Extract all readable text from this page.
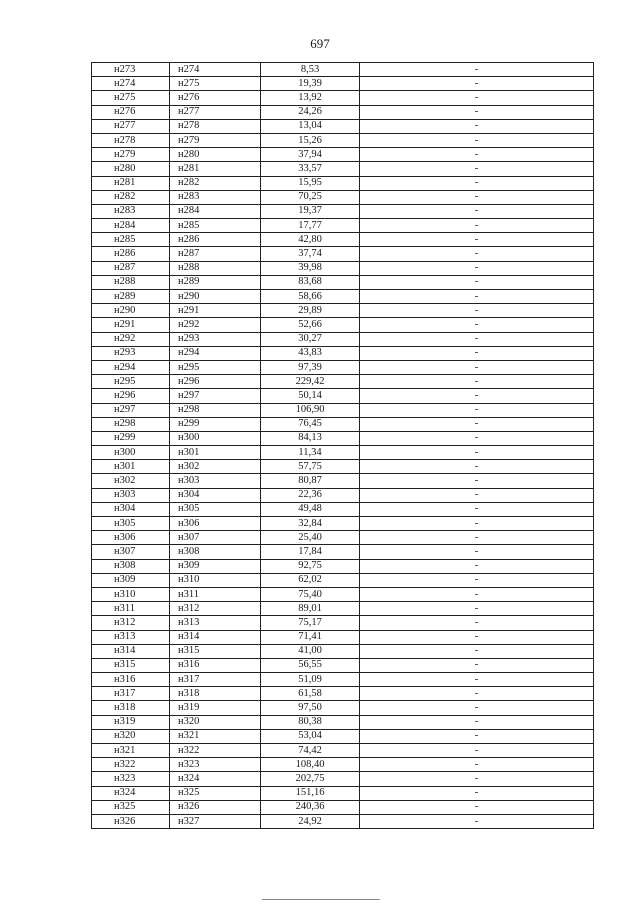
697
н273	н274	8,53	-
н274	н275	19,39	-
н275	н276	13,92	-
н276	н277	24,26	-
н277	н278	13,04	-
н278	н279	15,26	-
н279	н280	37,94	-
н280	н281	33,57	-
н281	н282	15,95	-
н282	н283	70,25	-
н283	н284	19,37	-
н284	н285	17,77	-
н285	н286	42,80	-
н286	н287	37,74	-
н287	н288	39,98	-
н288	н289	83,68	-
н289	н290	58,66	-
н290	н291	29,89	-
н291	н292	52,66	-
н292	н293	30,27	-
н293	н294	43,83	-
н294	н295	97,39	-
н295	н296	229,42	-
н296	н297	50,14	-
н297	н298	106,90	-
н298	н299	76,45	-
н299	н300	84,13	-
н300	н301	11,34	-
н301	н302	57,75	-
н302	н303	80,87	-
н303	н304	22,36	-
н304	н305	49,48	-
н305	н306	32,84	-
н306	н307	25,40	-
н307	н308	17,84	-
н308	н309	92,75	-
н309	н310	62,02	-
н310	н311	75,40	-
н311	н312	89,01	-
н312	н313	75,17	-
н313	н314	71,41	-
н314	н315	41,00	-
н315	н316	56,55	-
н316	н317	51,09	-
н317	н318	61,58	-
н318	н319	97,50	-
н319	н320	80,38	-
н320	н321	53,04	-
н321	н322	74,42	-
н322	н323	108,40	-
н323	н324	202,75	-
н324	н325	151,16	-
н325	н326	240,36	-
н326	н327	24,92	-
